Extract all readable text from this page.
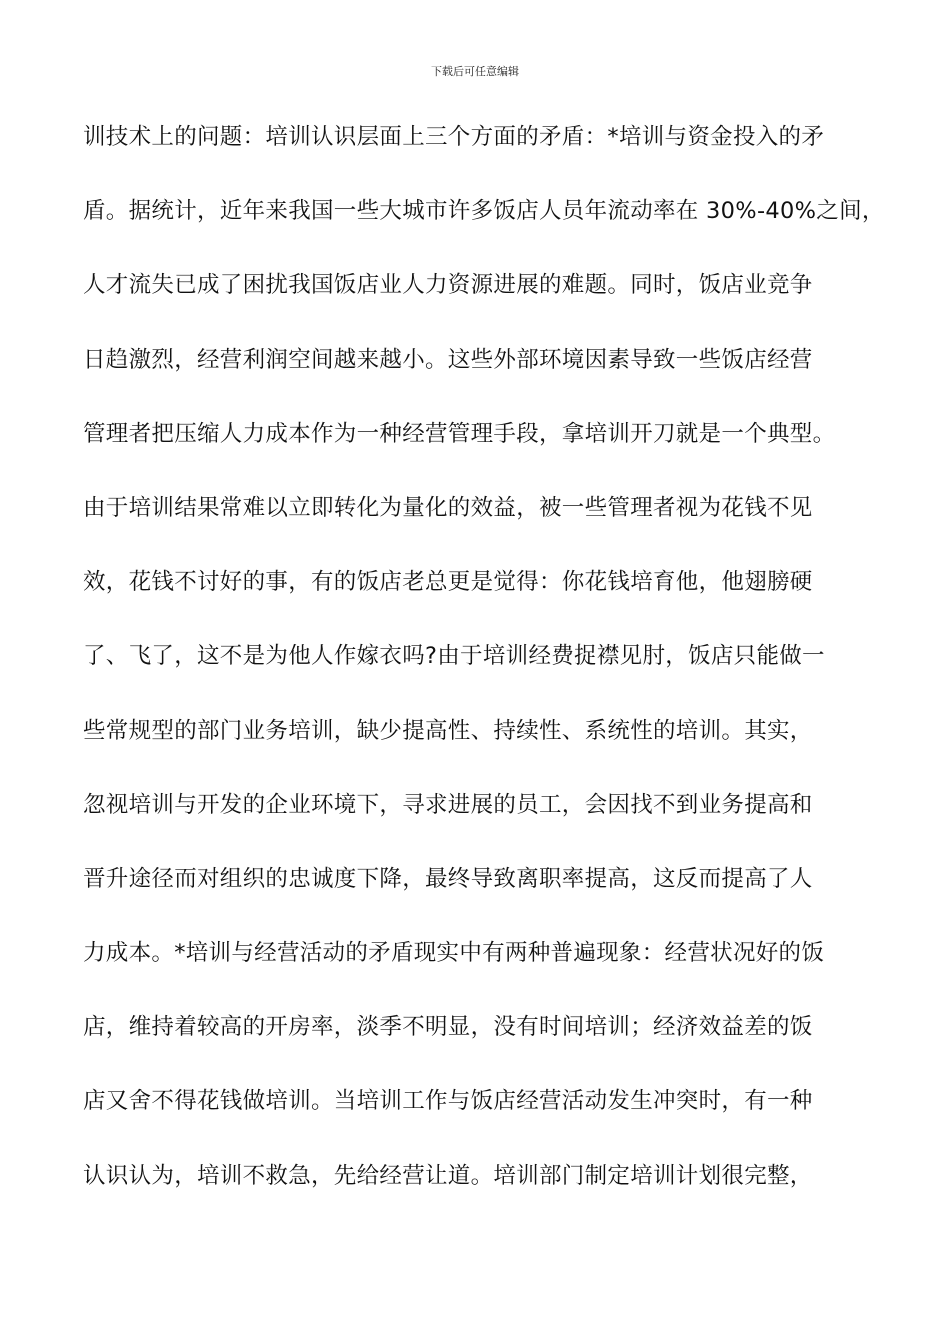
下载后可任意编辑
训技术上的问题：培训认识层面上三个方面的矛盾：*培训与资金投入的矛
盾。据统计，近年来我国一些大城市许多饭店人员年流动率在 30%-40%之间，
人才流失已成了困扰我国饭店业人力资源进展的难题。同时，饭店业竞争
日趋激烈，经营利润空间越来越小。这些外部环境因素导致一些饭店经营
管理者把压缩人力成本作为一种经营管理手段，拿培训开刀就是一个典型。
由于培训结果常难以立即转化为量化的效益，被一些管理者视为花钱不见
效，花钱不讨好的事，有的饭店老总更是觉得：你花钱培育他，他翅膀硬
了、飞了，这不是为他人作嫁衣吗?由于培训经费捉襟见肘，饭店只能做一
些常规型的部门业务培训，缺少提高性、持续性、系统性的培训。其实，
忽视培训与开发的企业环境下，寻求进展的员工，会因找不到业务提高和
晋升途径而对组织的忠诚度下降，最终导致离职率提高，这反而提高了人
力成本。*培训与经营活动的矛盾现实中有两种普遍现象：经营状况好的饭
店，维持着较高的开房率，淡季不明显，没有时间培训；经济效益差的饭
店又舍不得花钱做培训。当培训工作与饭店经营活动发生冲突时，有一种
认识认为，培训不救急，先给经营让道。培训部门制定培训计划很完整，
